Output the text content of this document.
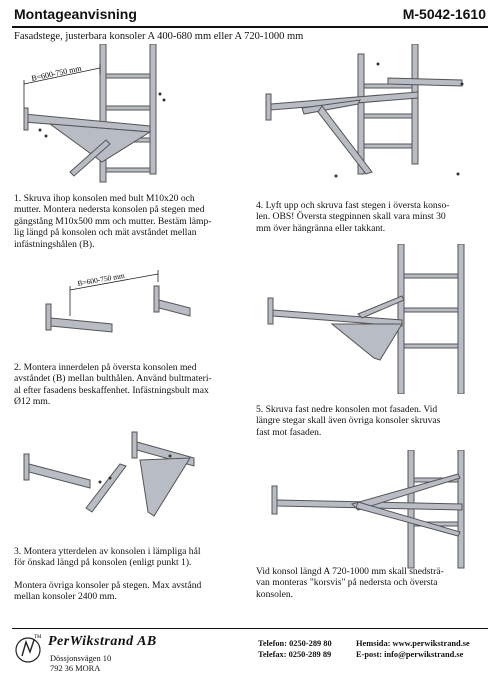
Montageanvisning	M-5042-1610
Fasadstege, justerbara konsoler A 400-680 mm eller A 720-1000 mm
B=600-750 mm
1. Skruva ihop konsolen med bult M10x20 och
mutter. Montera nedersta konsolen på stegen med
gängstång M10x500 mm och mutter. Bestäm lämp-
lig längd på konsolen och mät avståndet mellan
infästningshålen (B).
B=600-750 mm
2. Montera innerdelen på översta konsolen med
avståndet (B) mellan bulthålen. Använd bultmateri-
al efter fasadens beskaffenhet. Infästningsbult max
Ø12 mm.
3. Montera ytterdelen av konsolen i lämpliga hål
för önskad längd på konsolen (enligt punkt 1).
Montera övriga konsoler på stegen. Max avstånd
mellan konsoler 2400 mm.
4. Lyft upp och skruva fast stegen i översta konso-
len. OBS! Översta stegpinnen skall vara minst 30
mm över hängränna eller takkant.
5. Skruva fast nedre konsolen mot fasaden. Vid
längre stegar skall även övriga konsoler skruvas
fast mot fasaden.
Vid konsol längd A 720-1000 mm skall snedsträ-
van monteras "korsvis" på nedersta och översta
konsolen.
TM PerWikstrand AB
Dössjonsvägen 10
792 36 MORA
Telefon: 0250-289 80
Telefax: 0250-289 89
Hemsida: www.perwikstrand.se
E-post: info@perwikstrand.se
